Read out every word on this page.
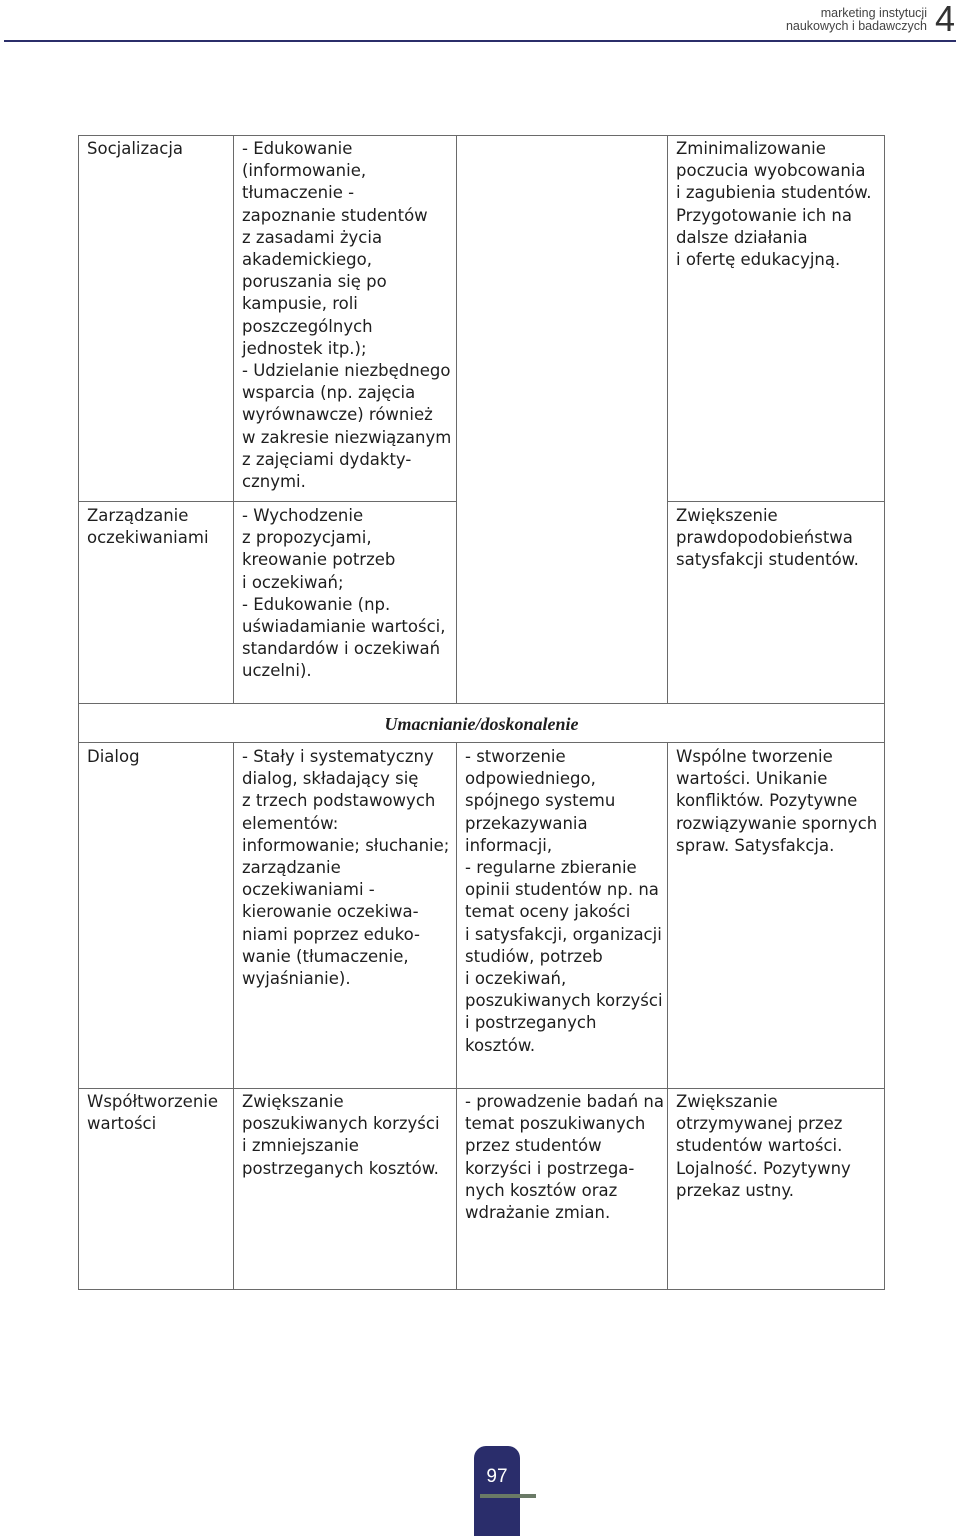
marketing instytucji
naukowych i badawczych 4

Socjalizacja	- Edukowanie
(informowanie,
tłumaczenie -
zapoznanie studentów
z zasadami życia
akademickiego,
poruszania się po
kampusie, roli
poszczególnych
jednostek itp.);
- Udzielanie niezbędnego
wsparcia (np. zajęcia
wyrównawcze) również
w zakresie niezwiązanym
z zajęciami dydakty-
cznymi.

Zminimalizowanie
poczucia wyobcowania
i zagubienia studentów.
Przygotowanie ich na
dalsze działania
i ofertę edukacyjną.

Zarządzanie
oczekiwaniami

- Wychodzenie
z propozycjami,
kreowanie potrzeb
i oczekiwań;
- Edukowanie (np.
uświadamianie wartości,
standardów i oczekiwań
uczelni).

Zwiększenie
prawdopodobieństwa
satysfakcji studentów.

Umacnianie/doskonalenie

Dialog	- Stały i systematyczny
dialog, składający się
z trzech podstawowych
elementów:
informowanie; słuchanie;
zarządzanie
oczekiwaniami -
kierowanie oczekiwa-
niami poprzez eduko-
wanie (tłumaczenie,
wyjaśnianie).

- stworzenie
odpowiedniego,
spójnego systemu
przekazywania
informacji,
- regularne zbieranie
opinii studentów np. na
temat oceny jakości
i satysfakcji, organizacji
studiów, potrzeb
i oczekiwań,
poszukiwanych korzyści
i postrzeganych
kosztów.

Wspólne tworzenie
wartości. Unikanie
konfliktów. Pozytywne
rozwiązywanie spornych
spraw. Satysfakcja.

Współtworzenie
wartości

Zwiększanie
poszukiwanych korzyści
i zmniejszanie
postrzeganych kosztów.

- prowadzenie badań na
temat poszukiwanych
przez studentów
korzyści i postrzega-
nych kosztów oraz
wdrażanie zmian.

Zwiększanie
otrzymywanej przez
studentów wartości.
Lojalność. Pozytywny
przekaz ustny.

97
